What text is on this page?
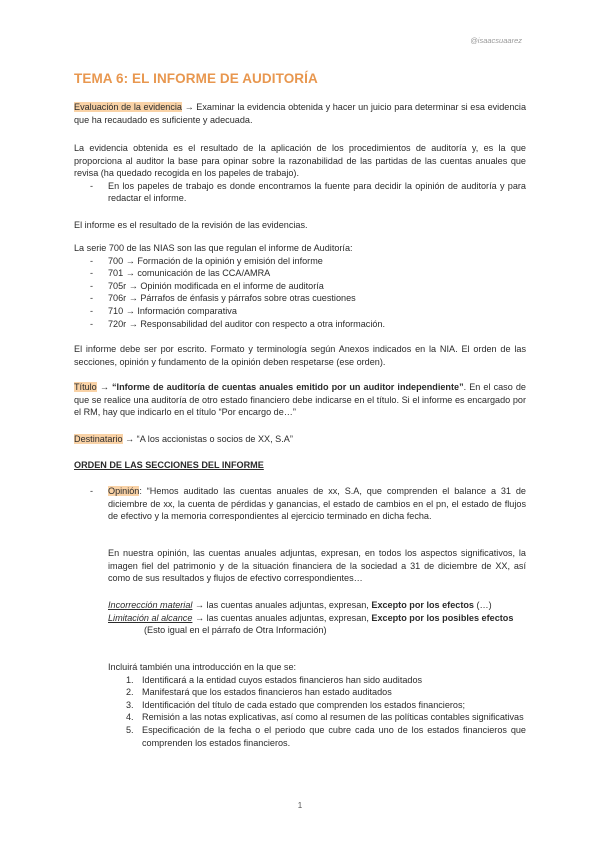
@isaacsuaarez
TEMA 6: EL INFORME DE AUDITORÍA
Evaluación de la evidencia → Examinar la evidencia obtenida y hacer un juicio para determinar si esa evidencia que ha recaudado es suficiente y adecuada.

La evidencia obtenida es el resultado de la aplicación de los procedimientos de auditoría y, es la que proporciona al auditor la base para opinar sobre la razonabilidad de las partidas de las cuentas anuales que revisa (ha quedado recogida en los papeles de trabajo).

- En los papeles de trabajo es donde encontramos la fuente para decidir la opinión de auditoría y para redactar el informe.
El informe es el resultado de la revisión de las evidencias.

La serie 700 de las NIAS son las que regulan el informe de Auditoría:

- 700 → Formación de la opinión y emisión del informe
- 701 → comunicación de las CCA/AMRA
- 705r → Opinión modificada en el informe de auditoría
- 706r → Párrafos de énfasis y párrafos sobre otras cuestiones
- 710 → Información comparativa
- 720r → Responsabilidad del auditor con respecto a otra información.
El informe debe ser por escrito. Formato y terminología según Anexos indicados en la NIA. El orden de las secciones, opinión y fundamento de la opinión deben respetarse (ese orden).
Título → “Informe de auditoría de cuentas anuales emitido por un auditor independiente”. En el caso de que se realice una auditoría de otro estado financiero debe indicarse en el título. Si el informe es encargado por el RM, hay que indicarlo en el título “Por encargo de…”
Destinatario → “A los accionistas o socios de XX, S.A”
ORDEN DE LAS SECCIONES DEL INFORME
- Opinión: “Hemos auditado las cuentas anuales de xx, S.A, que comprenden el balance a 31 de diciembre de xx, la cuenta de pérdidas y ganancias, el estado de cambios en el pn, el estado de flujos de efectivo y la memoria correspondientes al ejercicio terminado en dicha fecha.
En nuestra opinión, las cuentas anuales adjuntas, expresan, en todos los aspectos significativos, la imagen fiel del patrimonio y de la situación financiera de la sociedad a 31 de diciembre de XX, así como de sus resultados y flujos de efectivo correspondientes…

Incorrección material → las cuentas anuales adjuntas, expresan, Excepto por los efectos (…)

Limitación al alcance → las cuentas anuales adjuntas, expresan, Excepto por los posibles efectos

(Esto igual en el párrafo de Otra Información)

Incluirá también una introducción en la que se:

1. Identificará a la entidad cuyos estados financieros han sido auditados
2. Manifestará que los estados financieros han estado auditados
3. Identificación del título de cada estado que comprenden los estados financieros;
4. Remisión a las notas explicativas, así como al resumen de las políticas contables significativas
5. Especificación de la fecha o el periodo que cubre cada uno de los estados financieros que comprenden los estados financieros.
1
